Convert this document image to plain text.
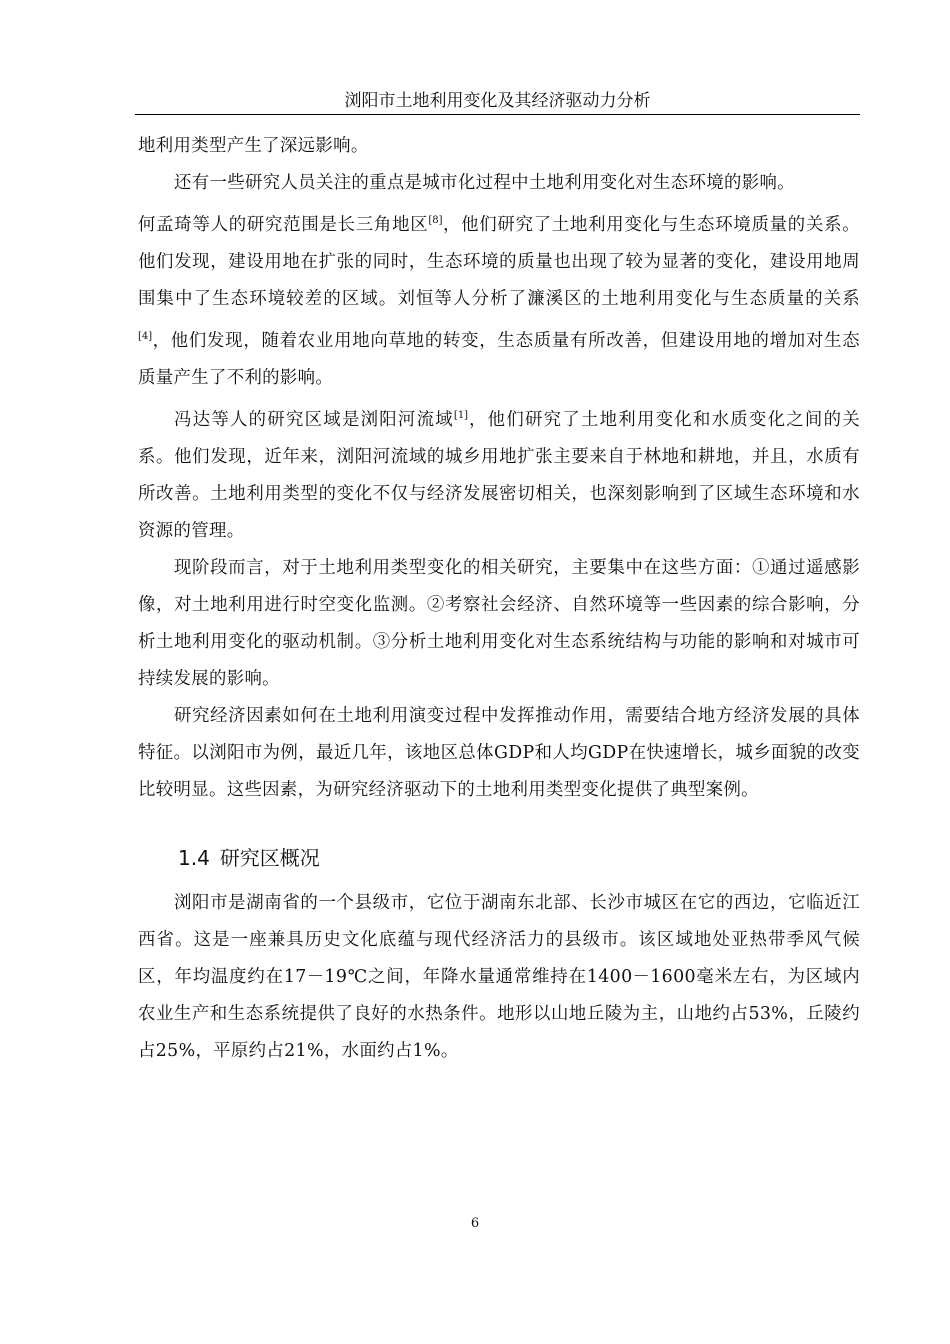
浏阳市土地利用变化及其经济驱动力分析

地利用类型产生了深远影响。

还有一些研究人员关注的重点是城市化过程中土地利用变化对生态环境的影响。

何孟琦等人的研究范围是长三角地区[8]，他们研究了土地利用变化与生态环境质量的关系。他们发现，建设用地在扩张的同时，生态环境的质量也出现了较为显著的变化，建设用地周围集中了生态环境较差的区域。刘恒等人分析了濂溪区的土地利用变化与生态质量的关系[4]，他们发现，随着农业用地向草地的转变，生态质量有所改善，但建设用地的增加对生态质量产生了不利的影响。

冯达等人的研究区域是浏阳河流域[1]，他们研究了土地利用变化和水质变化之间的关系。他们发现，近年来，浏阳河流域的城乡用地扩张主要来自于林地和耕地，并且，水质有所改善。土地利用类型的变化不仅与经济发展密切相关，也深刻影响到了区域生态环境和水资源的管理。

现阶段而言，对于土地利用类型变化的相关研究，主要集中在这些方面：①通过遥感影像，对土地利用进行时空变化监测。②考察社会经济、自然环境等一些因素的综合影响，分析土地利用变化的驱动机制。③分析土地利用变化对生态系统结构与功能的影响和对城市可持续发展的影响。

研究经济因素如何在土地利用演变过程中发挥推动作用，需要结合地方经济发展的具体特征。以浏阳市为例，最近几年，该地区总体GDP和人均GDP在快速增长，城乡面貌的改变比较明显。这些因素，为研究经济驱动下的土地利用类型变化提供了典型案例。

1.4 研究区概况

浏阳市是湖南省的一个县级市，它位于湖南东北部、长沙市城区在它的西边，它临近江西省。这是一座兼具历史文化底蕴与现代经济活力的县级市。该区域地处亚热带季风气候区，年均温度约在17－19℃之间，年降水量通常维持在1400－1600毫米左右，为区域内农业生产和生态系统提供了良好的水热条件。地形以山地丘陵为主，山地约占53%，丘陵约占25%，平原约占21%，水面约占1%。

6
